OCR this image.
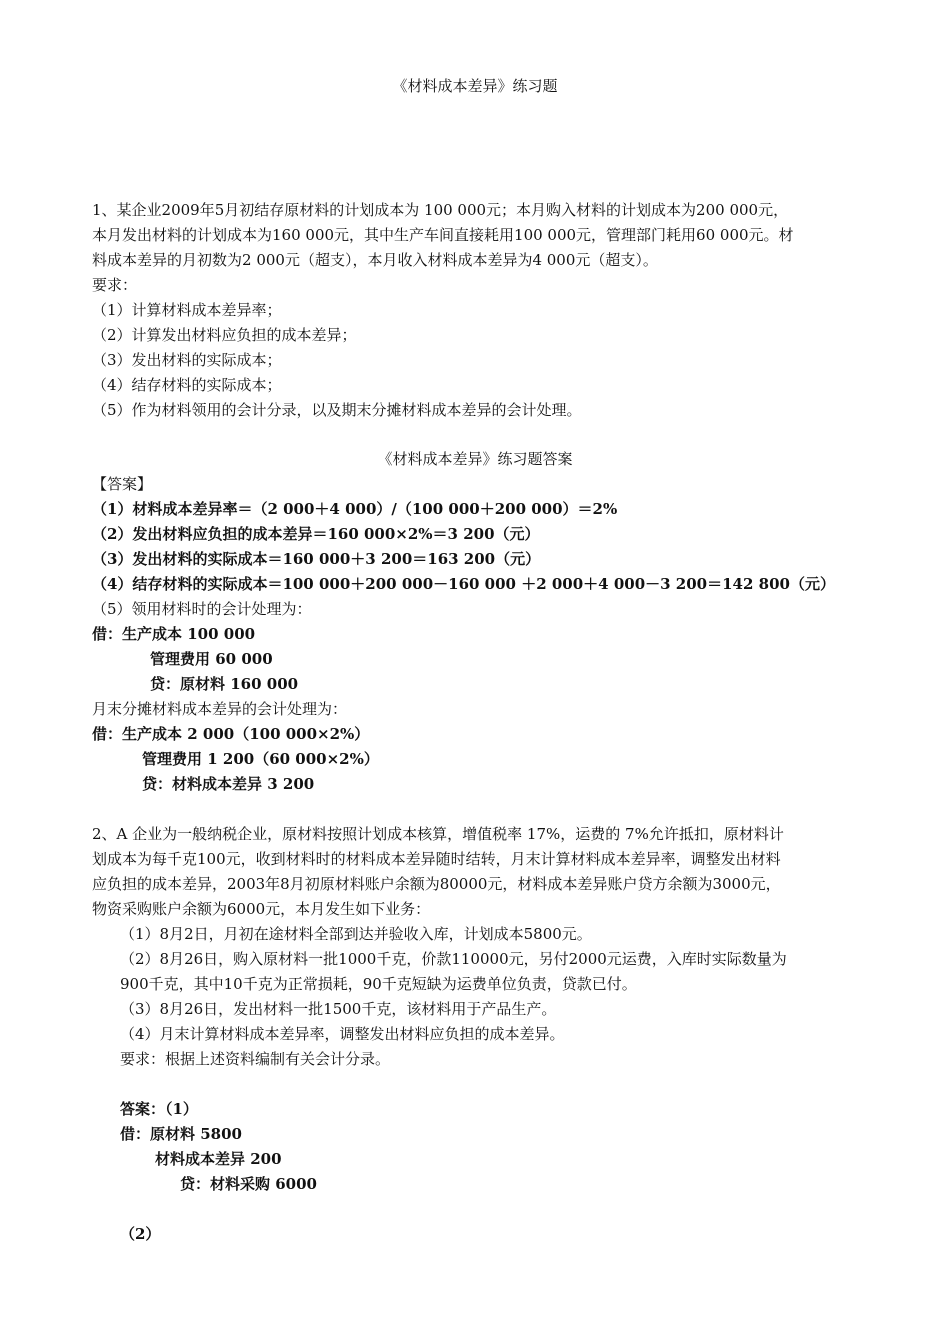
《材料成本差异》练习题
1、某企业2009年5月初结存原材料的计划成本为 100 000元；本月购入材料的计划成本为200 000元，
本月发出材料的计划成本为160 000元，其中生产车间直接耗用100 000元，管理部门耗用60 000元。材
料成本差异的月初数为2 000元（超支），本月收入材料成本差异为4 000元（超支）。
要求：
（1）计算材料成本差异率；
（2）计算发出材料应负担的成本差异；
（3）发出材料的实际成本；
（4）结存材料的实际成本；
（5）作为材料领用的会计分录，以及期末分摊材料成本差异的会计处理。
《材料成本差异》练习题答案
【答案】
（1）材料成本差异率＝（2 000＋4 000）/（100 000＋200 000）＝2%
（2）发出材料应负担的成本差异＝160 000×2%＝3 200（元）
（3）发出材料的实际成本＝160 000＋3 200＝163 200（元）
（4）结存材料的实际成本＝100 000＋200 000－160 000 ＋2 000＋4 000－3 200＝142 800（元）
（5）领用材料时的会计处理为：
借：生产成本 100 000
管理费用 60 000
贷：原材料 160 000
月末分摊材料成本差异的会计处理为：
借：生产成本 2 000（100 000×2%）
管理费用 1 200（60 000×2%）
贷：材料成本差异 3 200
2、A 企业为一般纳税企业，原材料按照计划成本核算，增值税率 17%，运费的 7%允许抵扣，原材料计
划成本为每千克100元，收到材料时的材料成本差异随时结转，月末计算材料成本差异率，调整发出材料
应负担的成本差异，2003年8月初原材料账户余额为80000元，材料成本差异账户贷方余额为3000元，
物资采购账户余额为6000元，本月发生如下业务：
（1）8月2日，月初在途材料全部到达并验收入库，计划成本5800元。
（2）8月26日，购入原材料一批1000千克，价款110000元，另付2000元运费，入库时实际数量为
900千克，其中10千克为正常损耗，90千克短缺为运费单位负责，贷款已付。
（3）8月26日，发出材料一批1500千克，该材料用于产品生产。
（4）月末计算材料成本差异率，调整发出材料应负担的成本差异。
要求：根据上述资料编制有关会计分录。
答案：（1）
借：原材料 5800
材料成本差异 200
贷：材料采购 6000
（2）
